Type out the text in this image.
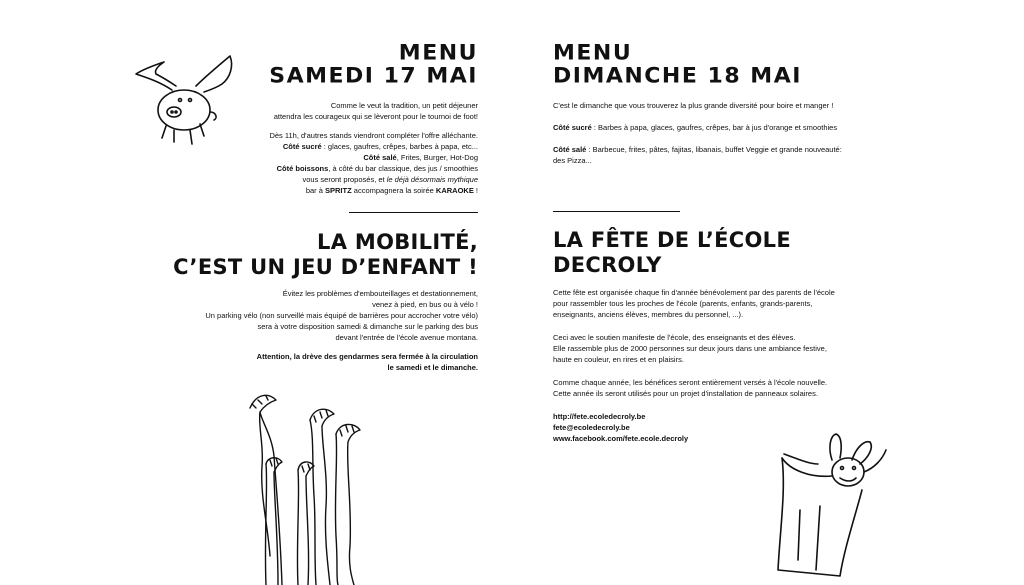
MENU
SAMEDI 17 MAI

Comme le veut la tradition, un petit déjeuner
attendra les courageux qui se lèveront pour le tournoi de foot!

Dès 11h, d'autres stands viendront compléter l'offre alléchante.
Côté sucré : glaces, gaufres, crêpes, barbes à papa, etc...
Côté salé, Frites, Burger, Hot-Dog
Côté boissons, à côté du bar classique, des jus / smoothies
vous seront proposés, et le déjà désormais mythique
bar à SPRITZ accompagnera la soirée KARAOKE !

LA MOBILITÉ,
C’EST UN JEU D’ENFANT !

Évitez les problèmes d'embouteillages et destationnement,
venez à pied, en bus ou à vélo !
Un parking vélo (non surveillé mais équipé de barrières pour accrocher votre vélo)
sera à votre disposition samedi & dimanche sur le parking des bus
devant l'entrée de l'école avenue montana.

Attention, la drève des gendarmes sera fermée à la circulation
le samedi et le dimanche.

MENU
DIMANCHE 18 MAI

C'est le dimanche que vous trouverez la plus grande diversité pour boire et manger !

Côté sucré : Barbes à papa, glaces, gaufres, crêpes, bar à jus d'orange et smoothies

Côté salé : Barbecue, frites, pâtes, fajitas, libanais, buffet Veggie et grande nouveauté:
des Pizza...

LA FÊTE DE L’ÉCOLE
DECROLY

Cette fête est organisée chaque fin d'année bénévolement par des parents de l'école
pour rassembler tous les proches de l'école (parents, enfants, grands-parents,
enseignants, anciens élèves, membres du personnel, ...).

Ceci avec le soutien manifeste de l'école, des enseignants et des élèves.
Elle rassemble plus de 2000 personnes sur deux jours dans une ambiance festive,
haute en couleur, en rires et en plaisirs.

Comme chaque année, les bénéfices seront entièrement versés à l'école nouvelle.
Cette année ils seront utilisés pour un projet d'installation de panneaux solaires.

http://fete.ecoledecroly.be
fete@ecoledecroly.be
www.facebook.com/fete.ecole.decroly
